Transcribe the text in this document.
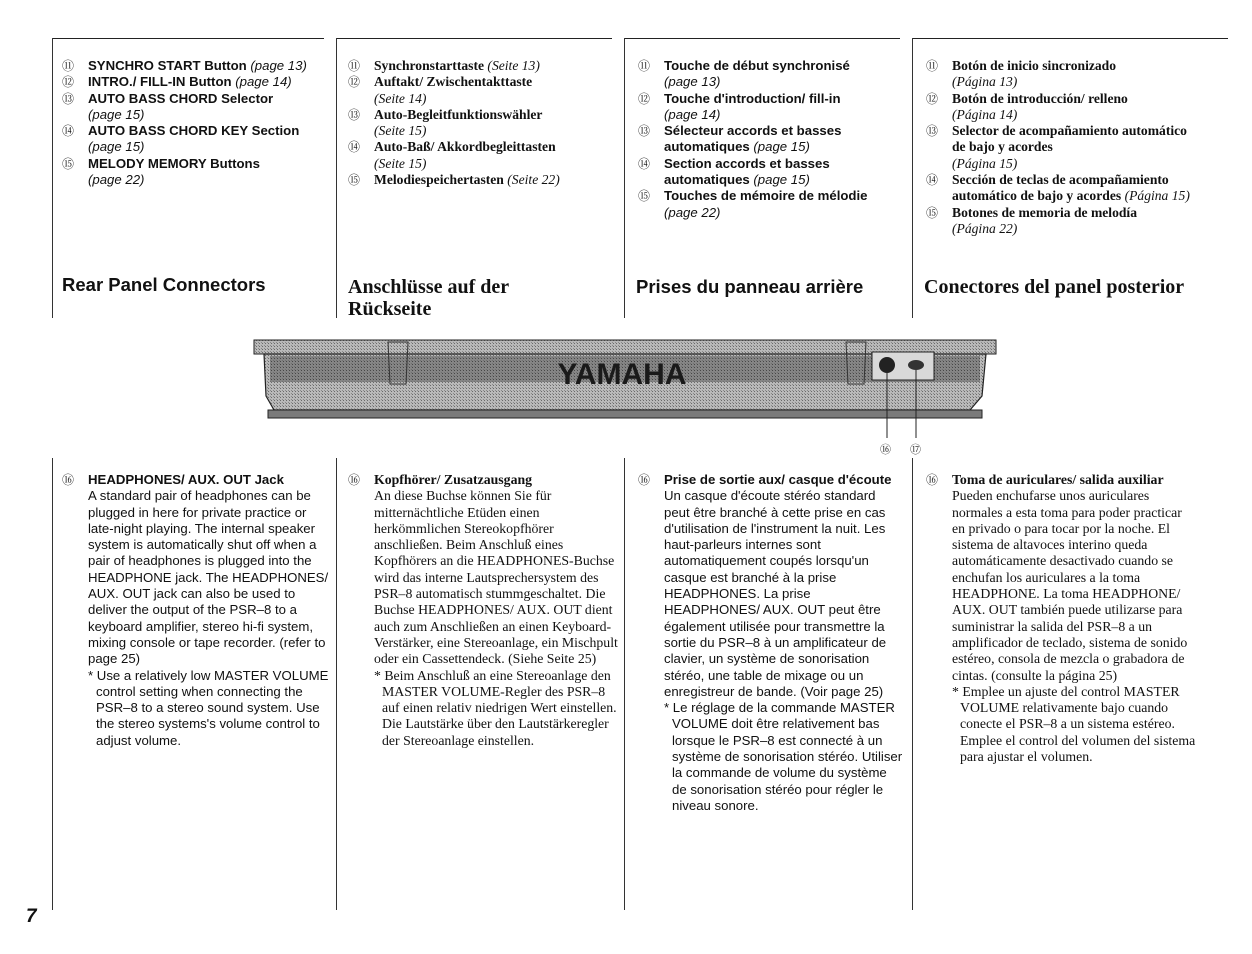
⑪ SYNCHRO START Button (page 13)
⑫ INTRO./ FILL-IN Button (page 14)
⑬ AUTO BASS CHORD Selector
(page 15)
⑭ AUTO BASS CHORD KEY Section
(page 15)
⑮ MELODY MEMORY Buttons
(page 22)
Rear Panel Connectors
⑪ Synchronstarttaste (Seite 13)
⑫ Auftakt/ Zwischentakttaste
(Seite 14)
⑬ Auto-Begleitfunktionswähler
(Seite 15)
⑭ Auto-Baß/ Akkordbegleittasten
(Seite 15)
⑮ Melodiespeichertasten (Seite 22)
Anschlüsse auf der Rückseite
⑪ Touche de début synchronisé
(page 13)
⑫ Touche d'introduction/ fill-in
(page 14)
⑬ Sélecteur accords et basses automatiques (page 15)
⑭ Section accords et basses automatiques (page 15)
⑮ Touches de mémoire de mélodie
(page 22)
Prises du panneau arrière
⑪ Botón de inicio sincronizado
(Página 13)
⑫ Botón de introducción/ relleno
(Página 14)
⑬ Selector de acompañamiento automático de bajo y acordes
(Página 15)
⑭ Sección de teclas de acompañamiento automático de bajo y acordes (Página 15)
⑮ Botones de memoria de melodía
(Página 22)
Conectores del panel posterior
YAMAHA
⑯ ⑰
⑯ HEADPHONES/ AUX. OUT Jack
A standard pair of headphones can be plugged in here for private practice or late-night playing. The internal speaker system is automatically shut off when a pair of headphones is plugged into the HEADPHONE jack. The HEADPHONES/ AUX. OUT jack can also be used to deliver the output of the PSR–8 to a keyboard amplifier, stereo hi-fi system, mixing console or tape recorder. (refer to page 25)
* Use a relatively low MASTER VOLUME control setting when connecting the PSR–8 to a stereo sound system. Use the stereo systems's volume control to adjust volume.
⑯ Kopfhörer/ Zusatzausgang
An diese Buchse können Sie für mitternächtliche Etüden einen herkömmlichen Stereokopfhörer anschließen. Beim Anschluß eines Kopfhörers an die HEADPHONES-Buchse wird das interne Lautsprechersystem des PSR–8 automatisch stummgeschaltet. Die Buchse HEADPHONES/ AUX. OUT dient auch zum Anschließen an einen Keyboard-Verstärker, eine Stereoanlage, ein Mischpult oder ein Cassettendeck. (Siehe Seite 25)
* Beim Anschluß an eine Stereoanlage den MASTER VOLUME-Regler des PSR–8 auf einen relativ niedrigen Wert einstellen. Die Lautstärke über den Lautstärkeregler der Stereoanlage einstellen.
⑯ Prise de sortie aux/ casque d'écoute
Un casque d'écoute stéréo standard peut être branché à cette prise en cas d'utilisation de l'instrument la nuit. Les haut-parleurs internes sont automatiquement coupés lorsqu'un casque est branché à la prise HEADPHONES. La prise HEADPHONES/ AUX. OUT peut être également utilisée pour transmettre la sortie du PSR–8 à un amplificateur de clavier, un système de sonorisation stéréo, une table de mixage ou un enregistreur de bande. (Voir page 25)
* Le réglage de la commande MASTER VOLUME doit être relativement bas lorsque le PSR–8 est connecté à un système de sonorisation stéréo. Utiliser la commande de volume du système de sonorisation stéréo pour régler le niveau sonore.
⑯ Toma de auriculares/ salida auxiliar
Pueden enchufarse unos auriculares normales a esta toma para poder practicar en privado o para tocar por la noche. El sistema de altavoces interino queda automáticamente desactivado cuando se enchufan los auriculares a la toma HEADPHONE. La toma HEADPHONE/ AUX. OUT también puede utilizarse para suministrar la salida del PSR–8 a un amplificador de teclado, sistema de sonido estéreo, consola de mezcla o grabadora de cintas. (consulte la página 25)
* Emplee un ajuste del control MASTER VOLUME relativamente bajo cuando conecte el PSR–8 a un sistema estéreo. Emplee el control del volumen del sistema para ajustar el volumen.
7
